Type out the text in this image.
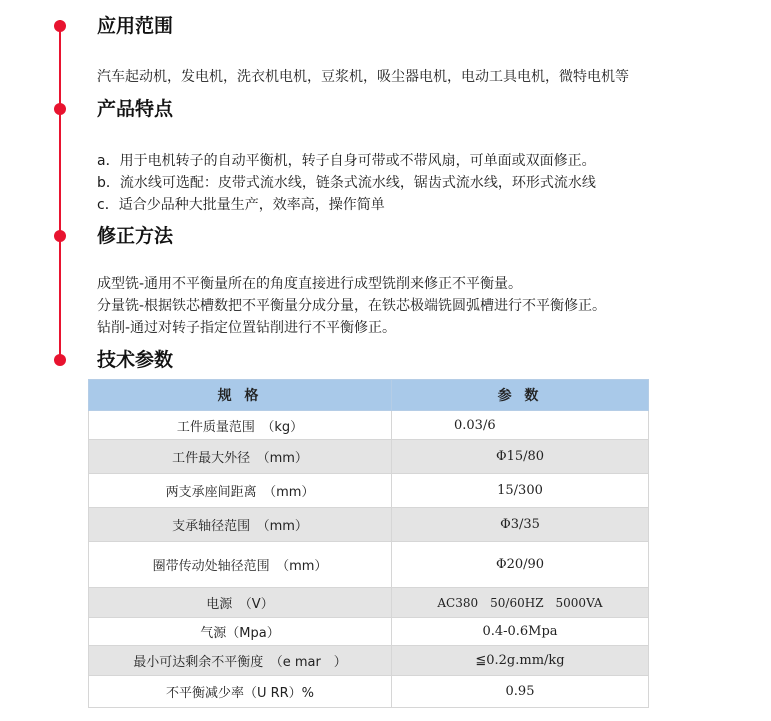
应用范围
汽车起动机，发电机，洗衣机电机，豆浆机，吸尘器电机，电动工具电机，微特电机等
产品特点
a．用于电机转子的自动平衡机，转子自身可带或不带风扇，可单面或双面修正。
b．流水线可选配：皮带式流水线，链条式流水线，锯齿式流水线，环形式流水线
c．适合少品种大批量生产，效率高，操作简单
修正方法
成型铣-通用不平衡量所在的角度直接进行成型铣削来修正不平衡量。
分量铣-根据铁芯槽数把不平衡量分成分量，在铁芯极端铣圆弧槽进行不平衡修正。
钻削-通过对转子指定位置钻削进行不平衡修正。
技术参数
规 格	参 数
工件质量范围　（kg）	0.03/6
工件最大外径　（mm）	Φ15/80
两支承座间距离　（mm）	15/300
支承轴径范围　（mm）	Φ3/35
圈带传动处轴径范围　（mm）	Φ20/90
电源　（V）	AC380　50/60HZ　5000VA
气源（Mpa）	0.4-0.6Mpa
最小可达剩余不平衡度　（e mar　）	≦0.2g.mm/kg
不平衡减少率（U RR）%	0.95
